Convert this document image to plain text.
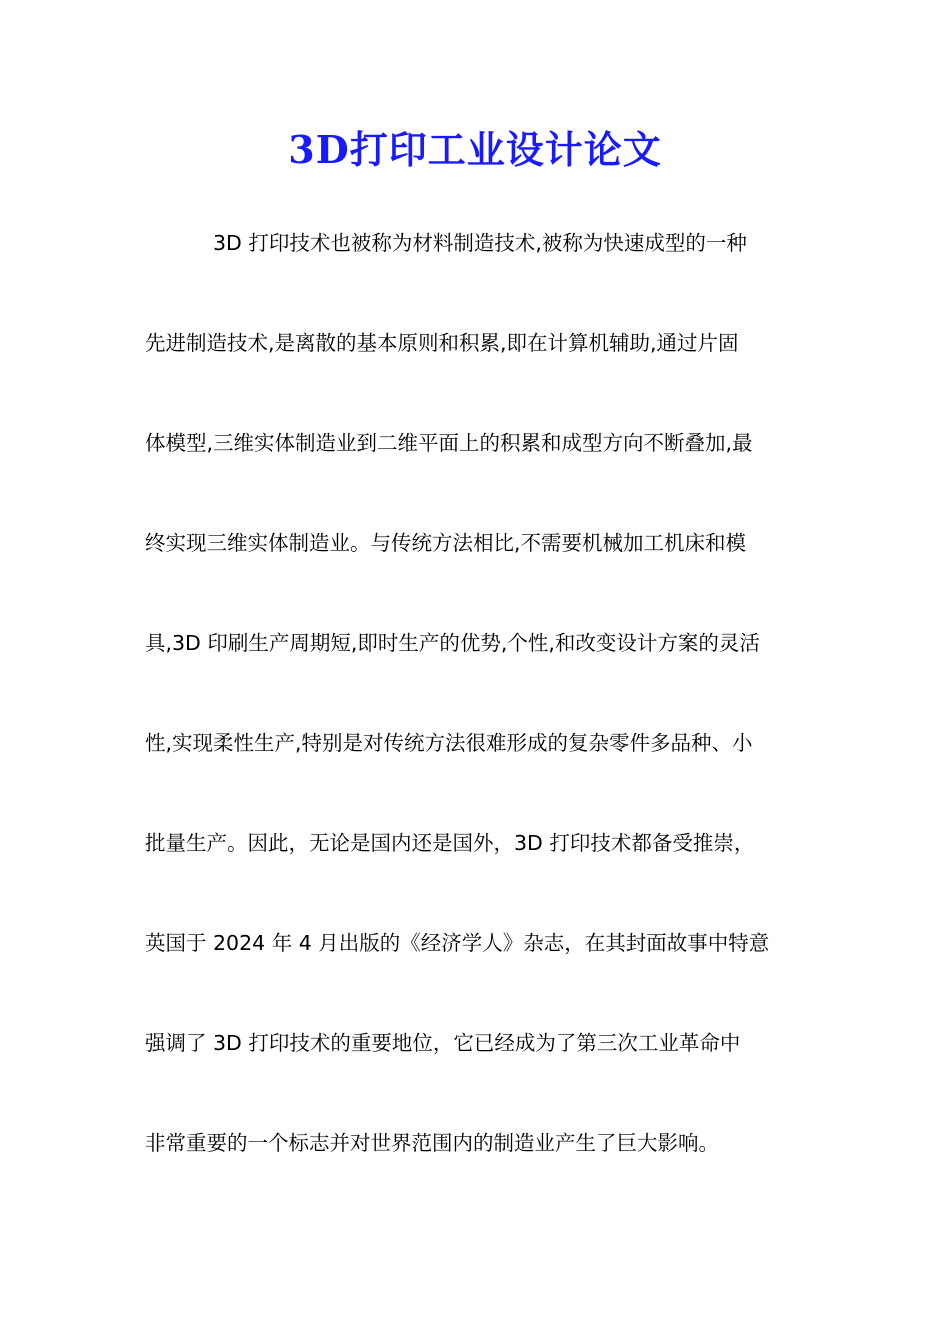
3D打印工业设计论文
3D 打印技术也被称为材料制造技术,被称为快速成型的一种
先进制造技术,是离散的基本原则和积累,即在计算机辅助,通过片固
体模型,三维实体制造业到二维平面上的积累和成型方向不断叠加,最
终实现三维实体制造业。与传统方法相比,不需要机械加工机床和模
具,3D 印刷生产周期短,即时生产的优势,个性,和改变设计方案的灵活
性,实现柔性生产,特别是对传统方法很难形成的复杂零件多品种、小
批量生产。因此，无论是国内还是国外，3D 打印技术都备受推崇，
英国于 2024 年 4 月出版的《经济学人》杂志，在其封面故事中特意
强调了 3D 打印技术的重要地位，它已经成为了第三次工业革命中
非常重要的一个标志并对世界范围内的制造业产生了巨大影响。
